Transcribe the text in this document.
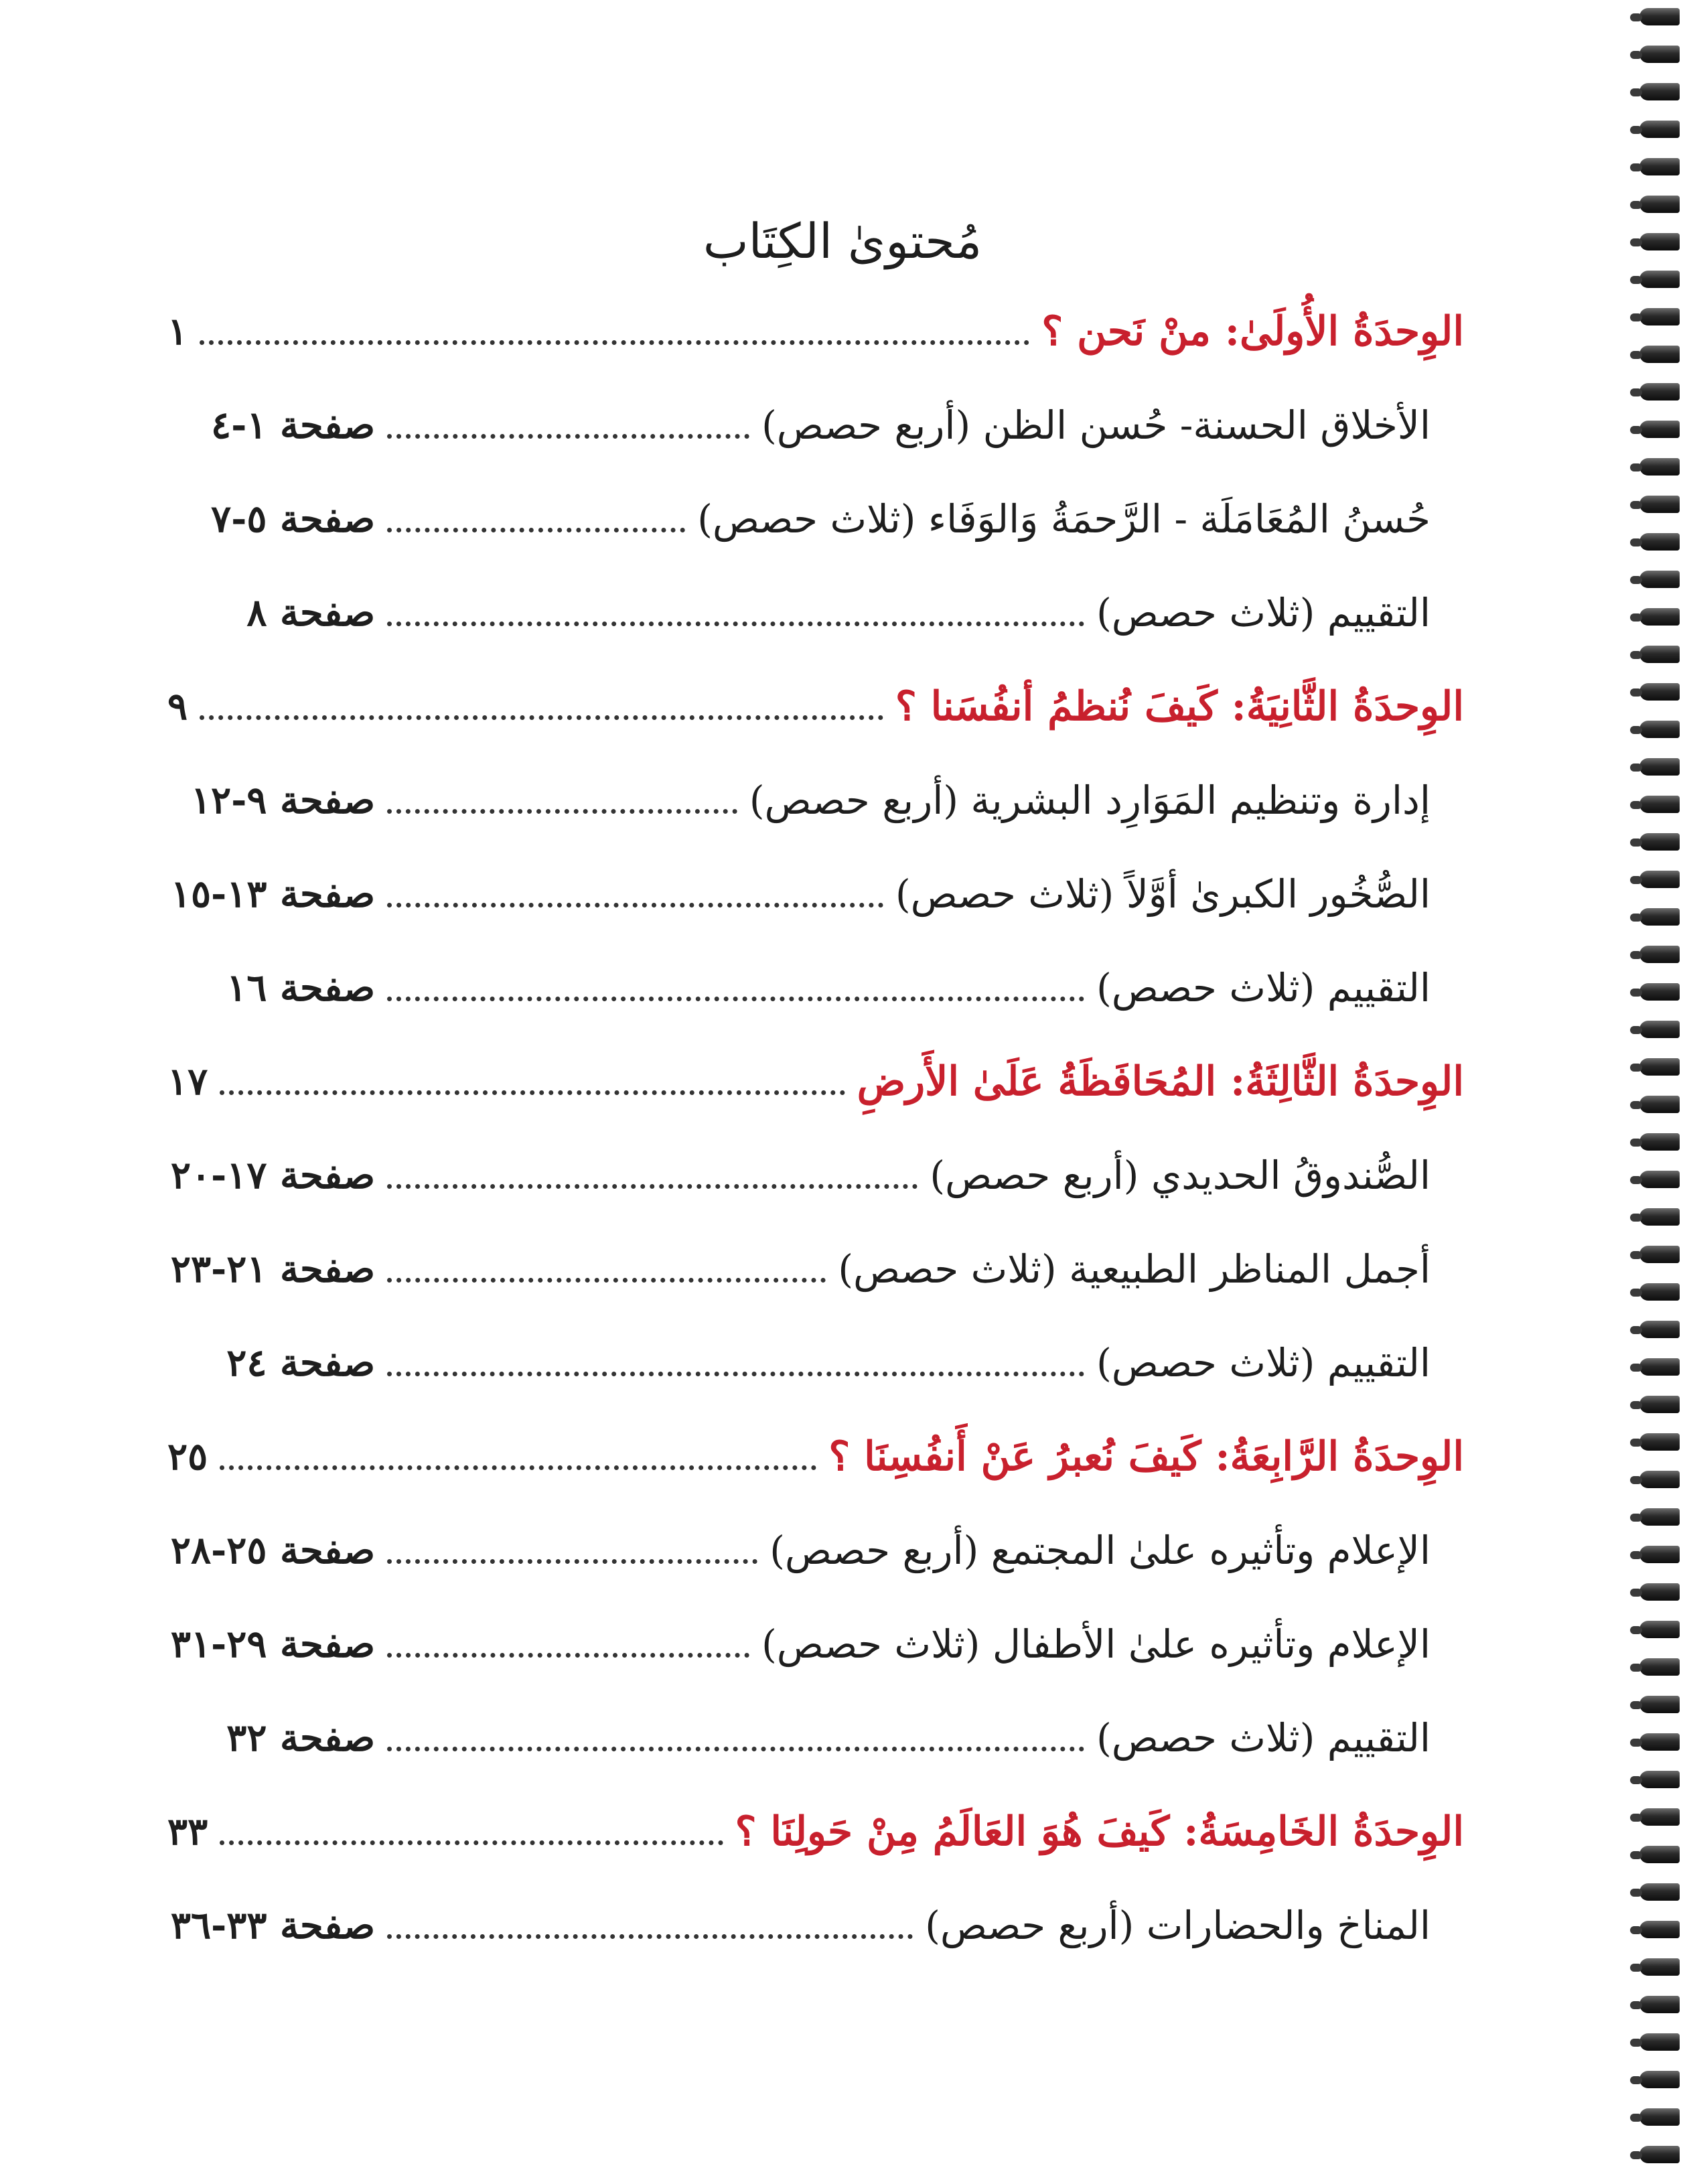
مُحتوىٰ الكِتَاب
الوِحدَةُ الأُولَىٰ: منْ نَحن ؟
١
الأخلاق الحسنة- حُسن الظن (أربع حصص)
صفحة ١-٤
حُسنُ المُعَامَلَة - الرَّحمَةُ وَالوَفَاء (ثلاث حصص)
صفحة ٥-٧
التقييم (ثلاث حصص)
صفحة ٨
الوِحدَةُ الثَّانِيَةُ: كَيفَ نُنظمُ أنفُسَنا ؟
٩
إدارة وتنظيم المَوَارِد البشرية (أربع حصص)
صفحة ٩-١٢
الصُّخُور الكبرىٰ أوَّلاً (ثلاث حصص)
صفحة ١٣-١٥
التقييم (ثلاث حصص)
صفحة ١٦
الوِحدَةُ الثَّالِثَةُ: المُحَافَظَةُ عَلَىٰ الأَرضِ
١٧
الصُّندوقُ الحديدي (أربع حصص)
صفحة ١٧-٢٠
أجمل المناظر الطبيعية (ثلاث حصص)
صفحة ٢١-٢٣
التقييم (ثلاث حصص)
صفحة ٢٤
الوِحدَةُ الرَّابِعَةُ: كَيفَ نُعبرُ عَنْ أَنفُسِنَا ؟
٢٥
الإعلام وتأثيره علىٰ المجتمع (أربع حصص)
صفحة ٢٥-٢٨
الإعلام وتأثيره علىٰ الأطفال (ثلاث حصص)
صفحة ٢٩-٣١
التقييم (ثلاث حصص)
صفحة ٣٢
الوِحدَةُ الخَامِسَةُ: كَيفَ هُوَ العَالَمُ مِنْ حَولِنَا ؟
٣٣
المناخ والحضارات (أربع حصص)
صفحة ٣٣-٣٦
